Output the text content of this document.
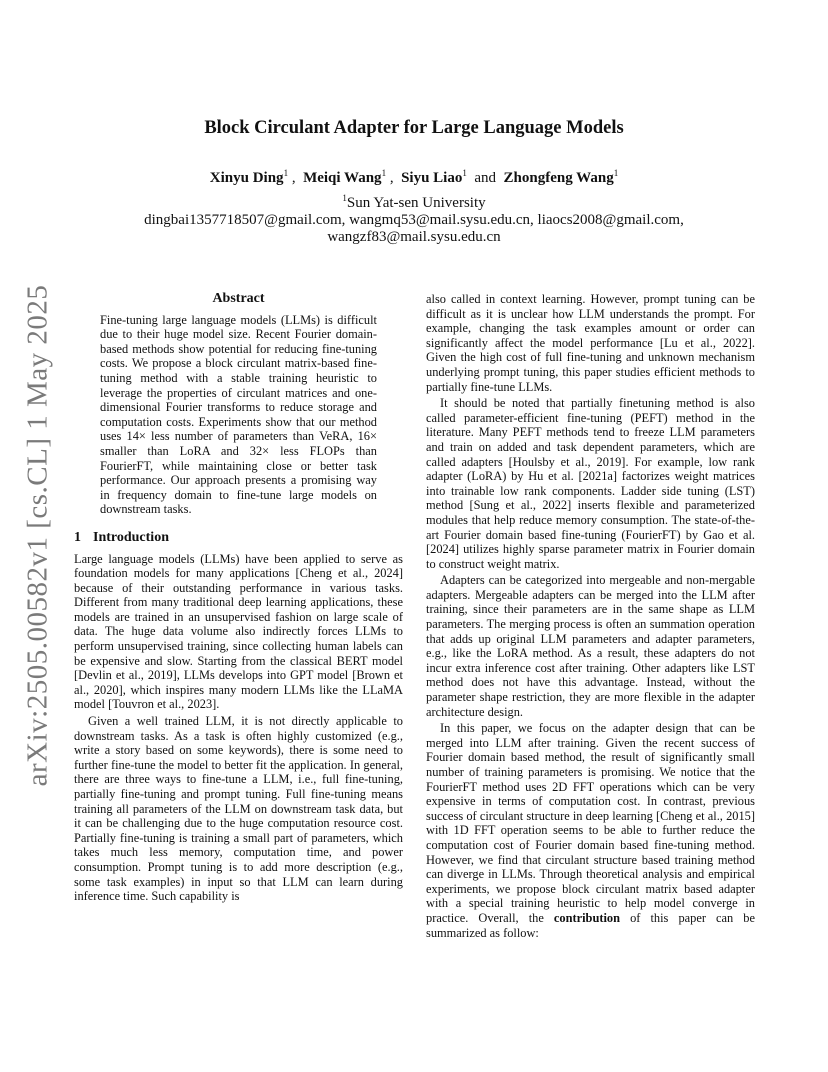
arXiv:2505.00582v1 [cs.CL] 1 May 2025
Block Circulant Adapter for Large Language Models
Xinyu Ding$^1$ , Meiqi Wang$^1$ , Siyu Liao$^1$ and Zhongfeng Wang$^1$
$^1$Sun Yat-sen University
dingbai1357718507@gmail.com, wangmq53@mail.sysu.edu.cn, liaocs2008@gmail.com, wangzf83@mail.sysu.edu.cn
Abstract

Fine-tuning large language models (LLMs) is difficult due to their huge model size. Recent Fourier domain-based methods show potential for reducing fine-tuning costs. We propose a block circulant matrix-based fine-tuning method with a stable training heuristic to leverage the properties of circulant matrices and one-dimensional Fourier transforms to reduce storage and computation costs. Experiments show that our method uses 14× less number of parameters than VeRA, 16× smaller than LoRA and 32× less FLOPs than FourierFT, while maintaining close or better task performance. Our approach presents a promising way in frequency domain to fine-tune large models on downstream tasks.

1 Introduction

Large language models (LLMs) have been applied to serve as foundation models for many applications [Cheng et al., 2024] because of their outstanding performance in various tasks. Different from many traditional deep learning applications, these models are trained in an unsupervised fashion on large scale of data. The huge data volume also indirectly forces LLMs to perform unsupervised training, since collecting human labels can be expensive and slow. Starting from the classical BERT model [Devlin et al., 2019], LLMs develops into GPT model [Brown et al., 2020], which inspires many modern LLMs like the LLaMA model [Touvron et al., 2023].

Given a well trained LLM, it is not directly applicable to downstream tasks. As a task is often highly customized (e.g., write a story based on some keywords), there is some need to further fine-tune the model to better fit the application. In general, there are three ways to fine-tune a LLM, i.e., full fine-tuning, partially fine-tuning and prompt tuning. Full fine-tuning means training all parameters of the LLM on downstream task data, but it can be challenging due to the huge computation resource cost. Partially fine-tuning is training a small part of parameters, which takes much less memory, computation time, and power consumption. Prompt tuning is to add more description (e.g., some task examples) in input so that LLM can learn during inference time. Such capability is

also called in context learning. However, prompt tuning can be difficult as it is unclear how LLM understands the prompt. For example, changing the task examples amount or order can significantly affect the model performance [Lu et al., 2022]. Given the high cost of full fine-tuning and unknown mechanism underlying prompt tuning, this paper studies efficient methods to partially fine-tune LLMs.

It should be noted that partially finetuning method is also called parameter-efficient fine-tuning (PEFT) method in the literature. Many PEFT methods tend to freeze LLM parameters and train on added and task dependent parameters, which are called adapters [Houlsby et al., 2019]. For example, low rank adapter (LoRA) by Hu et al. [2021a] factorizes weight matrices into trainable low rank components. Ladder side tuning (LST) method [Sung et al., 2022] inserts flexible and parameterized modules that help reduce memory consumption. The state-of-the-art Fourier domain based fine-tuning (FourierFT) by Gao et al. [2024] utilizes highly sparse parameter matrix in Fourier domain to construct weight matrix.

Adapters can be categorized into mergeable and non-mergable adapters. Mergeable adapters can be merged into the LLM after training, since their parameters are in the same shape as LLM parameters. The merging process is often an summation operation that adds up original LLM parameters and adapter parameters, e.g., like the LoRA method. As a result, these adapters do not incur extra inference cost after training. Other adapters like LST method does not have this advantage. Instead, without the parameter shape restriction, they are more flexible in the adapter architecture design.

In this paper, we focus on the adapter design that can be merged into LLM after training. Given the recent success of Fourier domain based method, the result of significantly small number of training parameters is promising. We notice that the FourierFT method uses 2D FFT operations which can be very expensive in terms of computation cost. In contrast, previous success of circulant structure in deep learning [Cheng et al., 2015] with 1D FFT operation seems to be able to further reduce the computation cost of Fourier domain based fine-tuning method. However, we find that circulant structure based training method can diverge in LLMs. Through theoretical analysis and empirical experiments, we propose block circulant matrix based adapter with a special training heuristic to help model converge in practice. Overall, the contribution of this paper can be summarized as follow:
